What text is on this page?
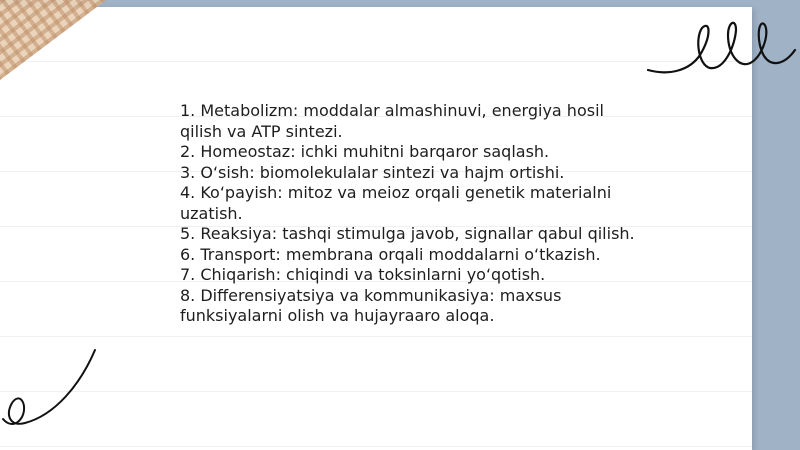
1. Metabolizm: moddalar almashinuvi, energiya hosil qilish va ATP sintezi.

2. Homeostaz: ichki muhitni barqaror saqlash.

3. O‘sish: biomolekulalar sintezi va hajm ortishi.

4. Ko‘payish: mitoz va meioz orqali genetik materialni uzatish.

5. Reaksiya: tashqi stimulga javob, signallar qabul qilish.

6. Transport: membrana orqali moddalarni o‘tkazish.

7. Chiqarish: chiqindi va toksinlarni yo‘qotish.

8. Differensiyatsiya va kommunikasiya: maxsus funksiyalarni olish va hujayraaro aloqa.
